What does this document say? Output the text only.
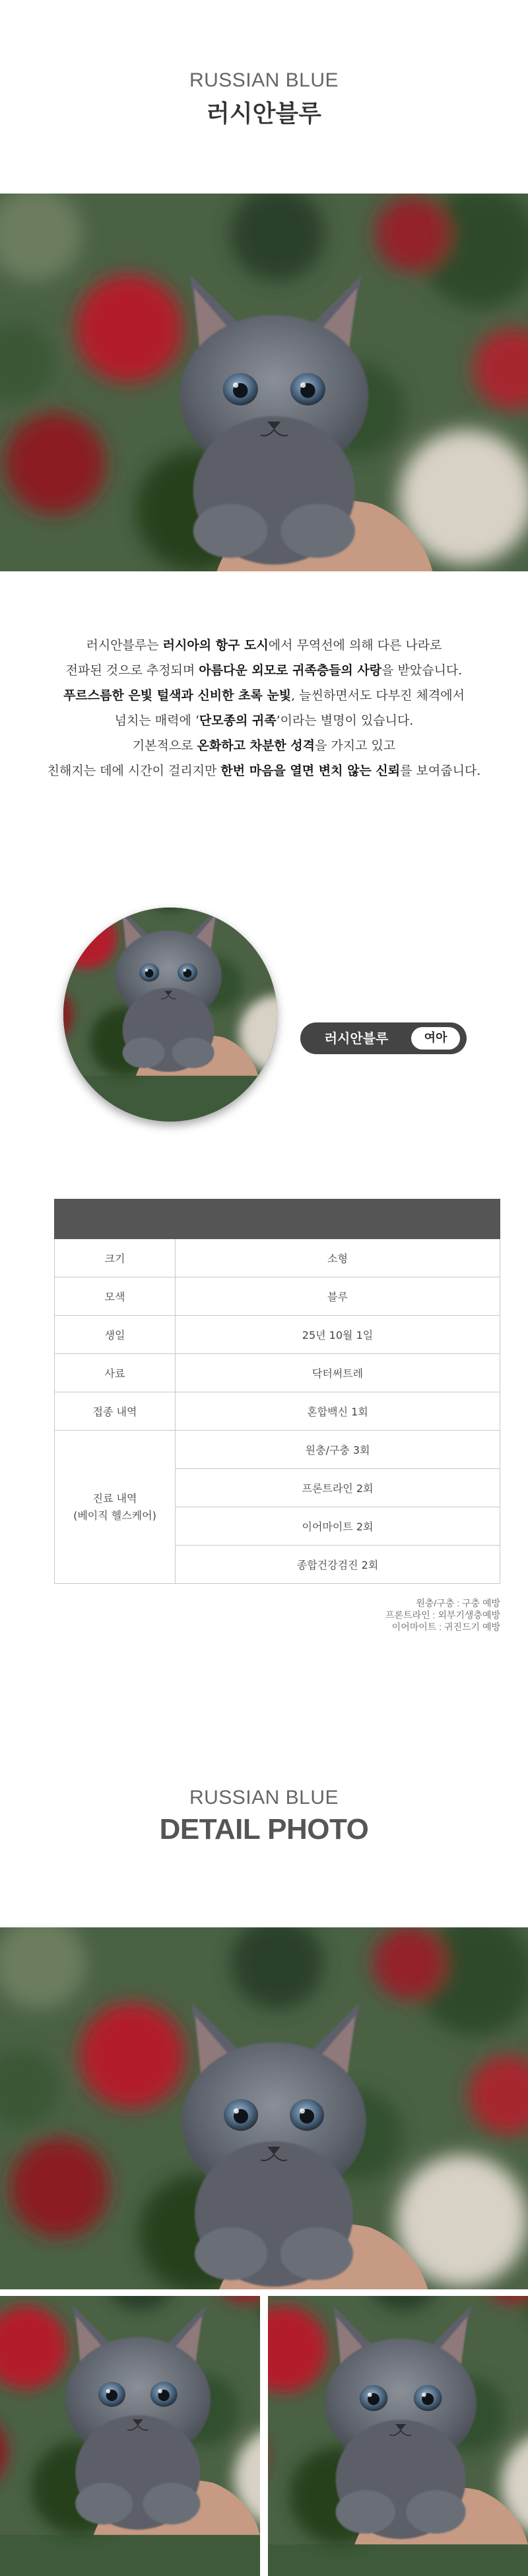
RUSSIAN BLUE
러시안블루

러시안블루는 러시아의 항구 도시에서 무역선에 의해 다른 나라로

전파된 것으로 추정되며 아름다운 외모로 귀족층들의 사랑을 받았습니다.

푸르스름한 은빛 털색과 신비한 초록 눈빛, 늘씬하면서도 다부진 체격에서

넘치는 매력에 ‘단모종의 귀족’이라는 별명이 있습니다.

기본적으로 온화하고 차분한 성격을 가지고 있고

친해지는 데에 시간이 걸리지만 한번 마음을 열면 변치 않는 신뢰를 보여줍니다.

러시안블루	여아

크기	소형
모색	블루
생일	25년 10월 1일
사료	닥터써트레
접종 내역	혼합백신 1회
진료 내역
(베이직 헬스케어)	원충/구충 3회
	프론트라인 2회
	이어마이트 2회
	종합건강검진 2회
원충/구충 : 구충 예방
프론트라인 : 외부기생충예방
이어마이트 : 귀진드기 예방
RUSSIAN BLUE
DETAIL PHOTO
